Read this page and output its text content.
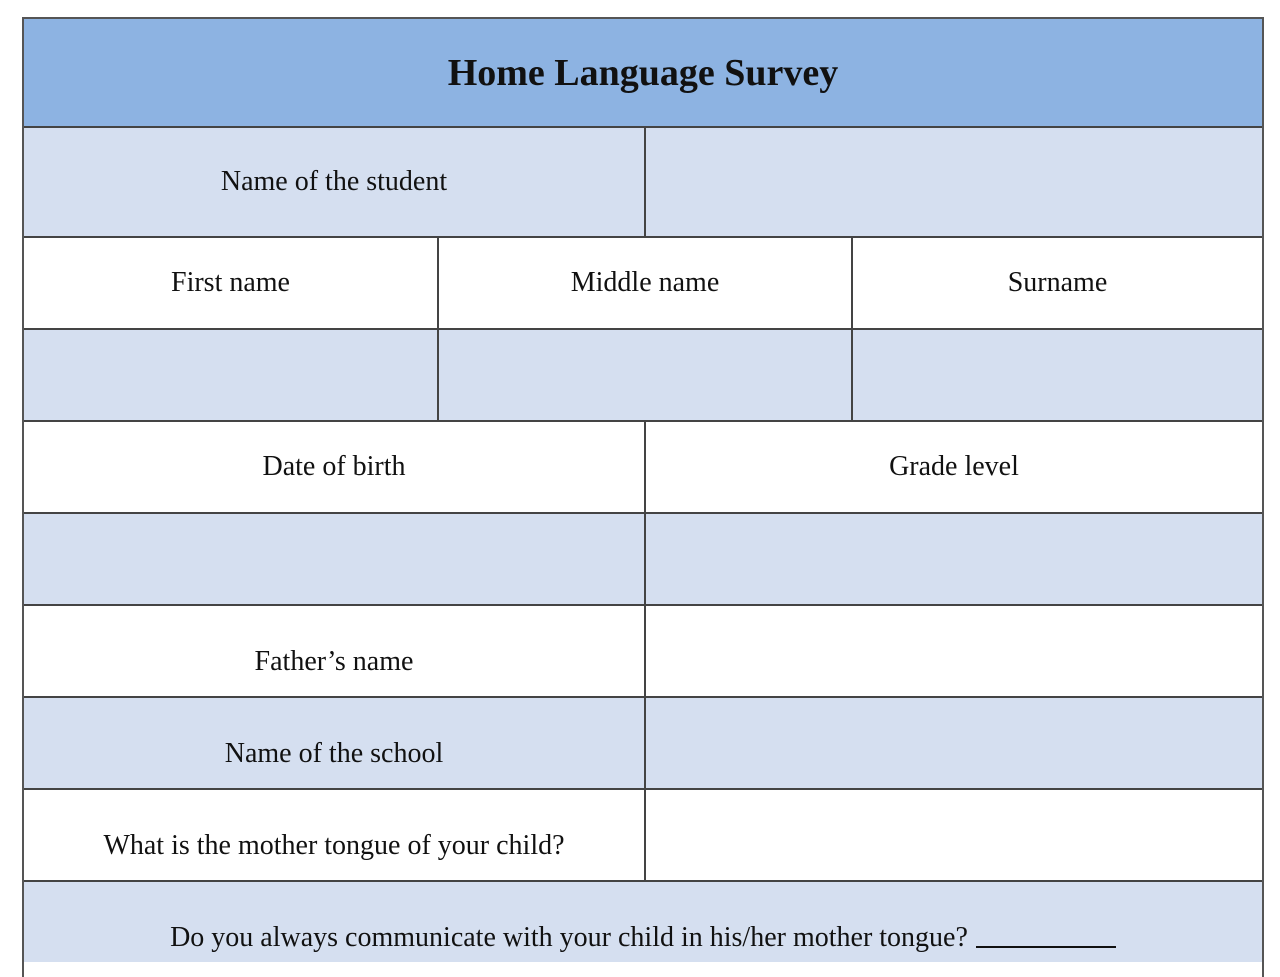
Home Language Survey
Name of the student
First name	Middle name	Surname
Date of birth	Grade level
Father’s name
Name of the school
What is the mother tongue of your child?
Do you always communicate with your child in his/her mother tongue?
